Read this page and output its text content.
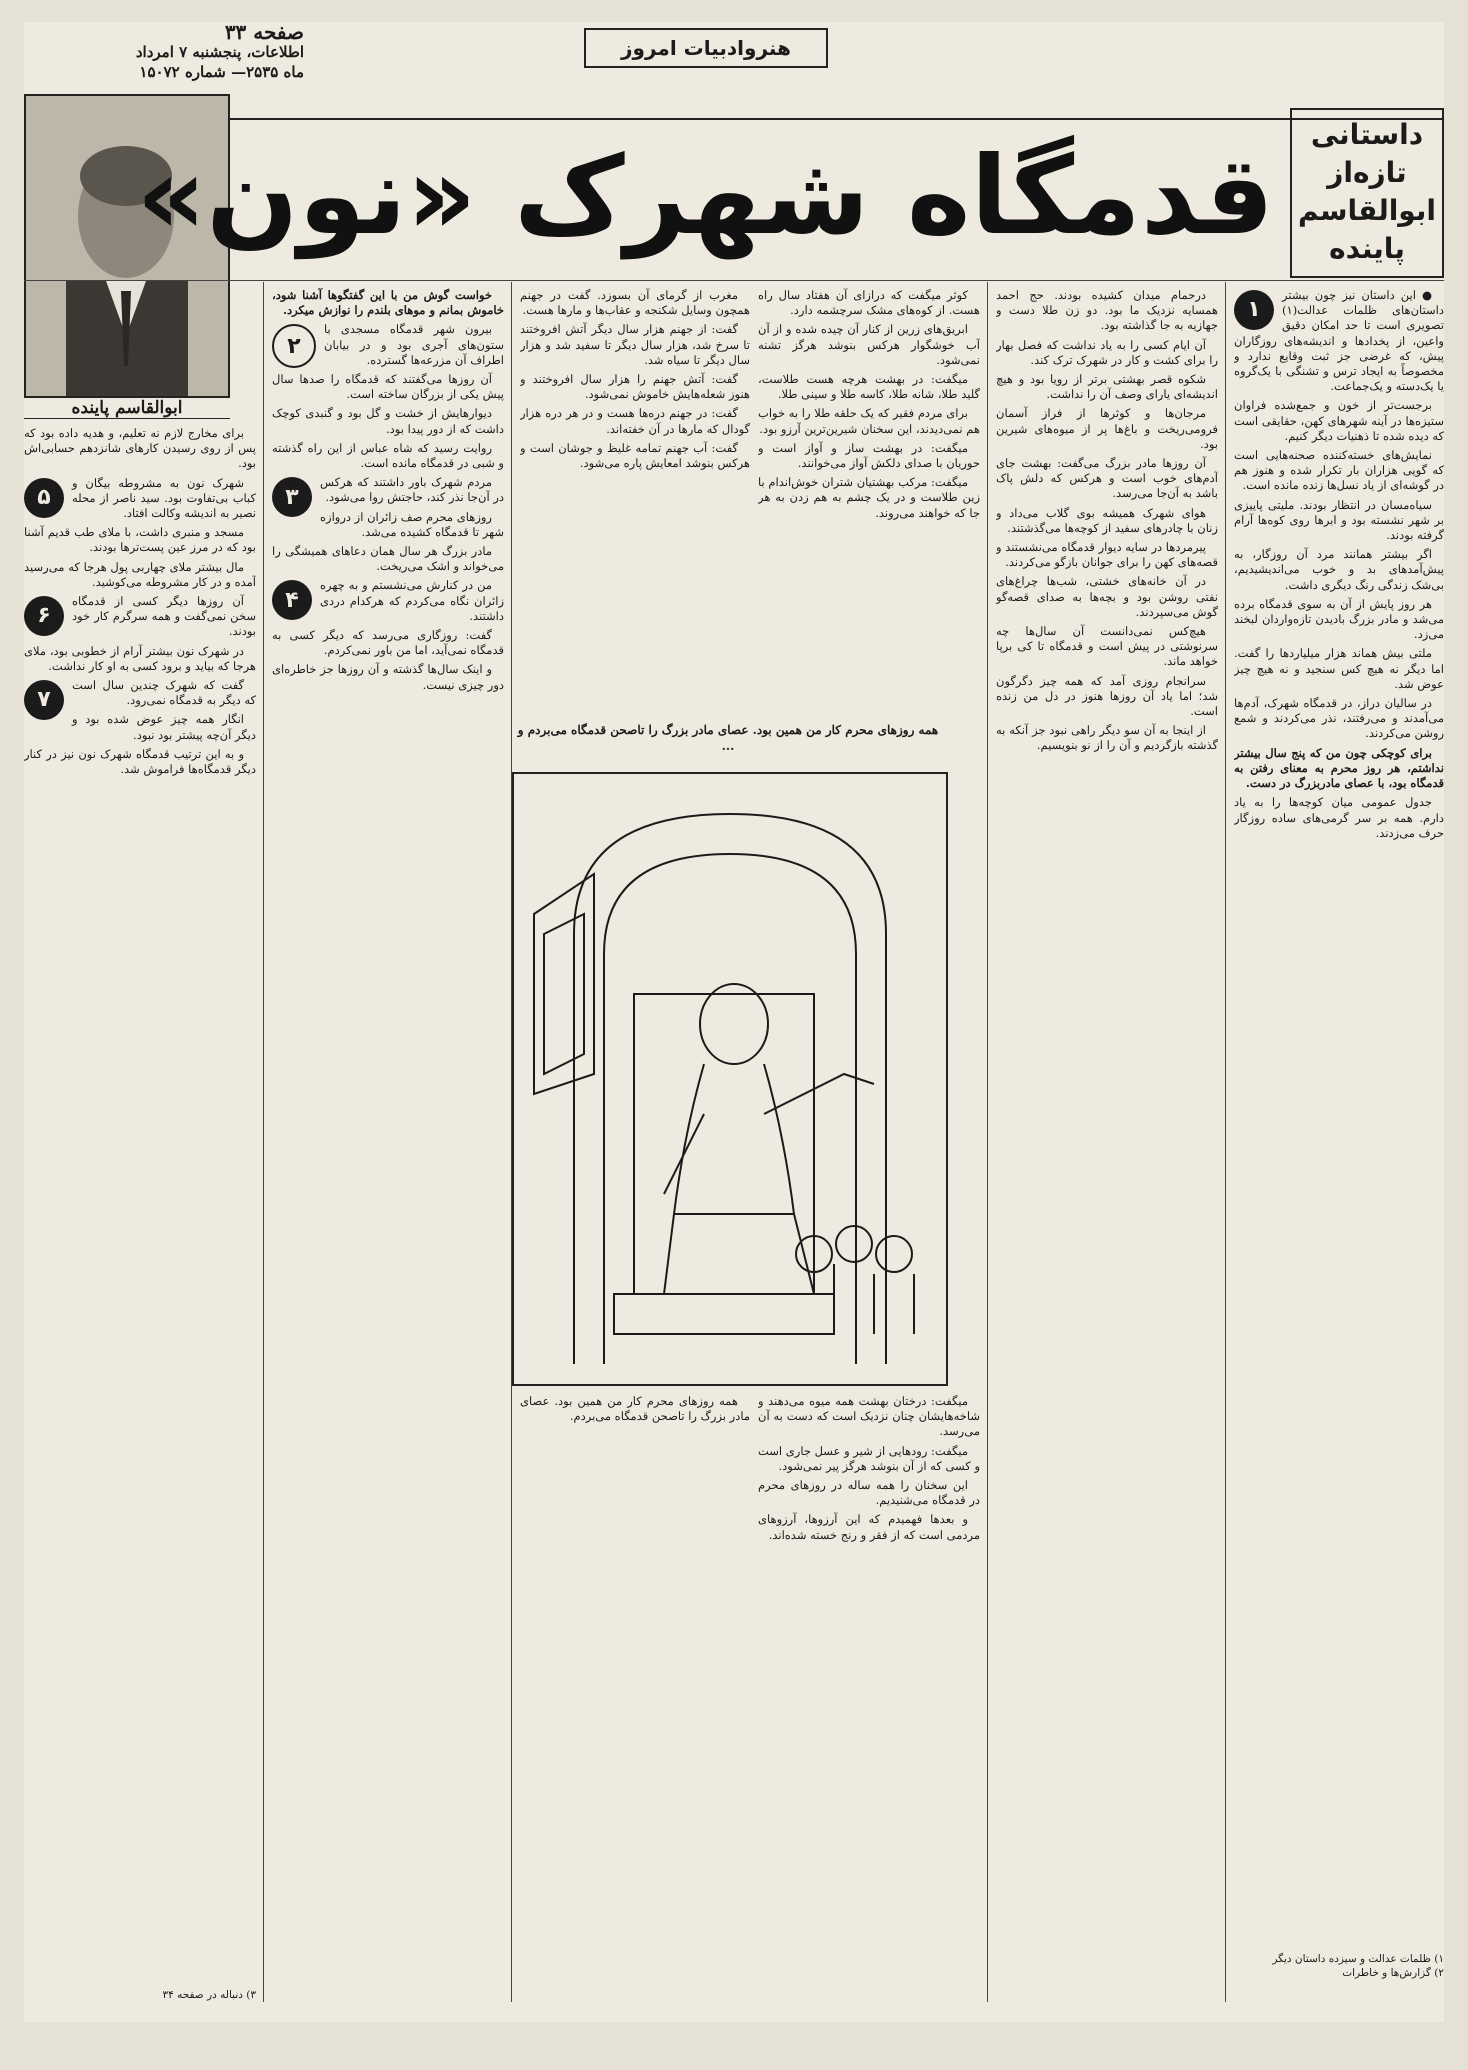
صفحه ۳۳
اطلاعات، پنجشنبه ۷ امرداد
ماه ۲۵۳۵— شماره ۱۵۰۷۲
هنروادبیات امروز
ابوالقاسم پاینده
قدمگاه شهرک «نون»	داستانی
تازه‌از
ابوالقاسم
پاینده
۱

● این داستان نیز چون بیشتر داستان‌های ظلمات عدالت(۱) تصویری است تا حد امکان دقیق واعین، از پخدادها و اندیشه‌های روزگاران پیش، که غرضی جز ثبت وقایع ندارد و مخصوصاً به ایجاد ترس و تشنگی با یک‌گروه یا یک‌دسته و یک‌جماعت.

برجست‌تر از خون و جمع‌شده فراوان ستیزه‌ها در آینه شهرهای کهن، حقایقی است که دیده شده تا ذهنیات دیگر کنیم.

نمایش‌های خسته‌کننده صحنه‌هایی است که گویی هزاران بار تکرار شده و هنوز هم در گوشه‌ای از یاد نسل‌ها زنده مانده است.

سیاه‌مسان در انتظار بودند. ملیتی پاییزی بر شهر نشسته بود و ابرها روی کوه‌ها آرام گرفته بودند.

اگر بیشتر همانند مرد آن روزگار، به پیش‌آمدهای بد و خوب می‌اندیشیدیم، بی‌شک زندگی رنگ دیگری داشت.

هر روز پایش از آن به سوی قدمگاه برده می‌شد و مادر بزرگ بادیدن تازه‌واردان لبخند می‌زد.

ملتی بیش هماند هزار میلیاردها را گفت. اما دیگر نه هیچ کس سنجید و نه هیچ چیز عوض شد.

در سالیان دراز، در قدمگاه شهرک، آدم‌ها می‌آمدند و می‌رفتند، نذر می‌کردند و شمع روشن می‌کردند.

برای کوچکی چون من که پنج سال بیشتر نداشتم، هر روز محرم به معنای رفتن به قدمگاه بود، با عصای مادربزرگ در دست.

جدول عمومی میان کوچه‌ها را به یاد دارم. همه بر سر گرمی‌های ساده روزگار حرف می‌زدند.

درحمام میدان کشیده بودند. حج احمد همسایه نزدیک ما بود. دو زن طلا دست و جهازیه به جا گذاشته بود.

آن ایام کسی را به یاد نداشت که فصل بهار را برای کشت و کار در شهرک ترک کند.

شکوه قصر بهشتی برتر از رویا بود و هیچ اندیشه‌ای یارای وصف آن را نداشت.

مرجان‌ها و کوثرها از فراز آسمان فرومی‌ریخت و باغ‌ها پر از میوه‌های شیرین بود.

آن روزها مادر بزرگ می‌گفت: بهشت جای آدم‌های خوب است و هرکس که دلش پاک باشد به آن‌جا می‌رسد.

هوای شهرک همیشه بوی گلاب می‌داد و زنان با چادرهای سفید از کوچه‌ها می‌گذشتند.

پیرمردها در سایه دیوار قدمگاه می‌نشستند و قصه‌های کهن را برای جوانان بازگو می‌کردند.

در آن خانه‌های خشتی، شب‌ها چراغ‌های نفتی روشن بود و بچه‌ها به صدای قصه‌گو گوش می‌سپردند.

هیچ‌کس نمی‌دانست آن سال‌ها چه سرنوشتی در پیش است و قدمگاه تا کی برپا خواهد ماند.

سرانجام روزی آمد که همه چیز دگرگون شد؛ اما یاد آن روزها هنوز در دل من زنده است.

از اینجا به آن سو دیگر راهی نبود جز آنکه به گذشته بازگردیم و آن را از نو بنویسیم.

کوثر میگفت که درازای آن هفتاد سال راه هست. از کوه‌های مشک سرچشمه دارد.

ابریق‌های زرین از کنار آن چیده شده و از آن آب خوشگوار هرکس بنوشد هرگز تشنه نمی‌شود.

میگفت: در بهشت هرچه هست طلاست، گلید طلا، شانه طلا، کاسه طلا و سینی طلا.

برای مردم فقیر که یک حلقه طلا را به خواب هم نمی‌دیدند، این سخنان شیرین‌ترین آرزو بود.

میگفت: در بهشت ساز و آواز است و حوریان با صدای دلکش آواز می‌خوانند.

میگفت: مرکب بهشتیان شتران خوش‌اندام با زین طلاست و در یک چشم به هم زدن به هر جا که خواهند می‌روند.

میگفت: درختان بهشت همه میوه می‌دهند و شاخه‌هایشان چنان نزدیک است که دست به آن می‌رسد.

میگفت: رودهایی از شیر و عسل جاری است و کسی که از آن بنوشد هرگز پیر نمی‌شود.

این سخنان را همه ساله در روزهای محرم در قدمگاه می‌شنیدیم.

و بعدها فهمیدم که این آرزوها، آرزوهای مردمی است که از فقر و رنج خسته شده‌اند.

مغرب از گرمای آن بسوزد. گفت در جهنم همچون وسایل شکنجه و عقاب‌ها و مارها هست.

گفت: از جهنم هزار سال دیگر آتش افروختند تا سرخ شد، هزار سال دیگر تا سفید شد و هزار سال دیگر تا سیاه شد.

گفت: آتش جهنم را هزار سال افروختند و هنوز شعله‌هایش خاموش نمی‌شود.

گفت: در جهنم دره‌ها هست و در هر دره هزار گودال که مارها در آن خفته‌اند.

گفت: آب جهنم تمامه غلیظ و جوشان است و هرکس بنوشد امعایش پاره می‌شود.

همه روزهای محرم کار من همین بود. عصای مادر بزرگ را تاصحن قدمگاه می‌بردم.

همه روزهای محرم کار من همین بود. عصای مادر بزرگ را تاصحن قدمگاه می‌بردم و ...

خواست گوش من با این گفتگوها آشنا شود، خاموش بمانم و موهای بلندم را نوازش میکرد.

۲

بیرون شهر قدمگاه مسجدی با ستون‌های آجری بود و در بیابان اطراف آن مزرعه‌ها گسترده.

آن روزها می‌گفتند که قدمگاه را صدها سال پیش یکی از بزرگان ساخته است.

دیوارهایش از خشت و گل بود و گنبدی کوچک داشت که از دور پیدا بود.

روایت رسید که شاه عباس از این راه گذشته و شبی در قدمگاه مانده است.

۳

مردم شهرک باور داشتند که هرکس در آن‌جا نذر کند، حاجتش روا می‌شود.

روزهای محرم صف زائران از دروازه شهر تا قدمگاه کشیده می‌شد.

مادر بزرگ هر سال همان دعاهای همیشگی را می‌خواند و اشک می‌ریخت.

۴

من در کنارش می‌نشستم و به چهره زائران نگاه می‌کردم که هرکدام دردی داشتند.

گفت: روزگاری می‌رسد که دیگر کسی به قدمگاه نمی‌آید، اما من باور نمی‌کردم.

و اینک سال‌ها گذشته و آن روزها جز خاطره‌ای دور چیزی نیست.

برای مخارج لازم نه تعلیم، و هدیه داده بود که پس از روی رسیدن کارهای شانزدهم حسابی‌اش بود.

۵

شهرک نون به مشروطه بیگان و کباب بی‌تفاوت بود. سید ناصر از محله نصیر به اندیشه وکالت افتاد.

مسجد و منبری داشت، با ملای طب قدیم آشنا بود که در مرز عین پست‌ترها بودند.

مال بیشتر ملای چهاربی پول هرجا که می‌رسید آمده و در کار مشروطه می‌کوشید.

۶

آن روزها دیگر کسی از قدمگاه سخن نمی‌گفت و همه سرگرم کار خود بودند.

در شهرک نون بیشتر آرام از خطوبی بود، ملای هرجا که بیاید و برود کسی به او کار نداشت.

۷

گفت که شهرک چندین سال است که دیگر به قدمگاه نمی‌رود.

انگار همه چیز عوض شده بود و دیگر آن‌چه پیشتر بود نبود.

و به این ترتیب قدمگاه شهرک نون نیز در کنار دیگر قدمگاه‌ها فراموش شد.

۱) ظلمات عدالت و سیزده داستان دیگر
۲) گزارش‌ها و خاطرات
۳) دنباله در صفحه ۳۴
